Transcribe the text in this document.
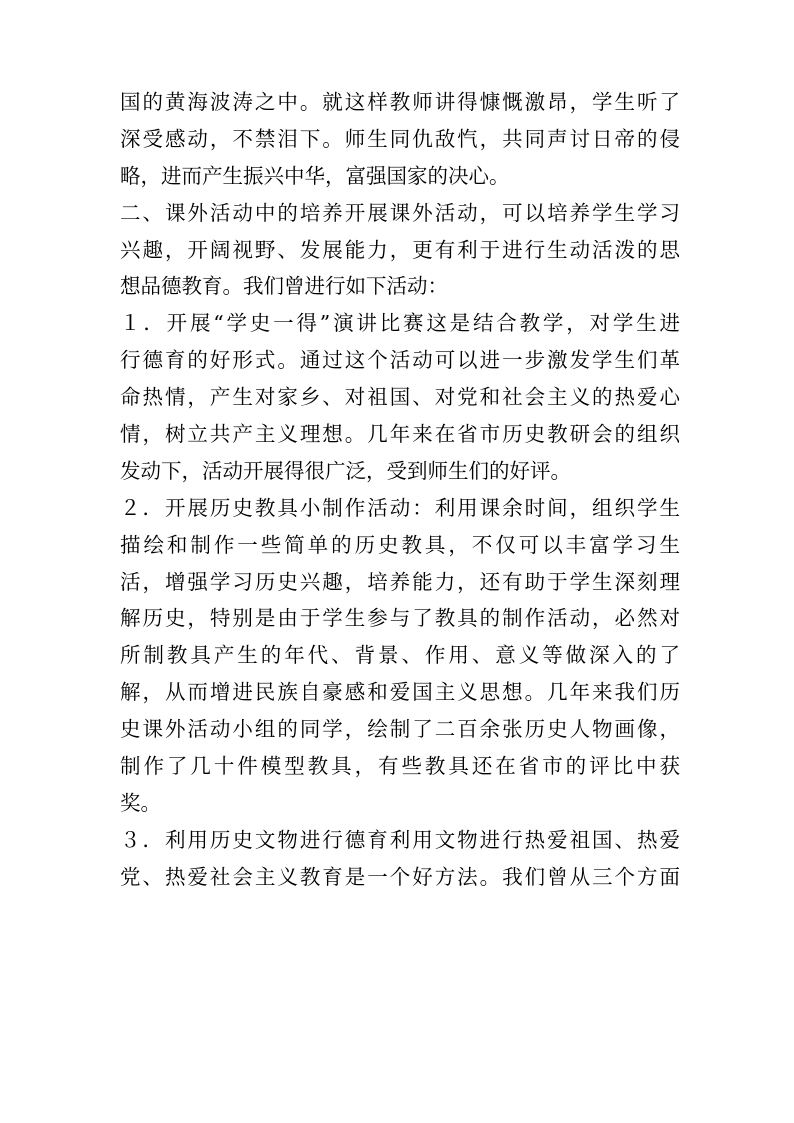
国的黄海波涛之中。就这样教师讲得慷慨激昂，学生听了
深受感动，不禁泪下。师生同仇敌忾，共同声讨日帝的侵
略，进而产生振兴中华，富强国家的决心。
二、课外活动中的培养开展课外活动，可以培养学生学习
兴趣，开阔视野、发展能力，更有利于进行生动活泼的思
想品德教育。我们曾进行如下活动：
１．开展“学史一得”演讲比赛这是结合教学，对学生进
行德育的好形式。通过这个活动可以进一步激发学生们革
命热情，产生对家乡、对祖国、对党和社会主义的热爱心
情，树立共产主义理想。几年来在省市历史教研会的组织
发动下，活动开展得很广泛，受到师生们的好评。
２．开展历史教具小制作活动：利用课余时间，组织学生
描绘和制作一些简单的历史教具，不仅可以丰富学习生
活，增强学习历史兴趣，培养能力，还有助于学生深刻理
解历史，特别是由于学生参与了教具的制作活动，必然对
所制教具产生的年代、背景、作用、意义等做深入的了
解，从而增进民族自豪感和爱国主义思想。几年来我们历
史课外活动小组的同学，绘制了二百余张历史人物画像，
制作了几十件模型教具，有些教具还在省市的评比中获
奖。
３．利用历史文物进行德育利用文物进行热爱祖国、热爱
党、热爱社会主义教育是一个好方法。我们曾从三个方面
